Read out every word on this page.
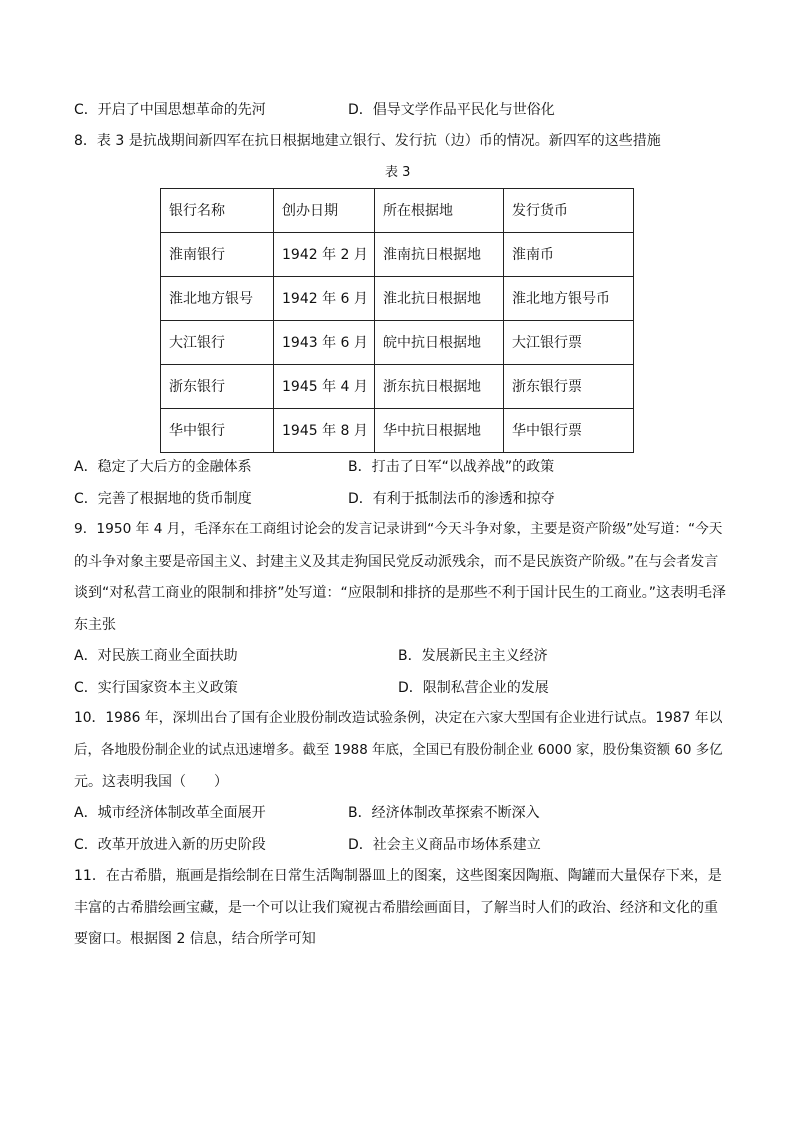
C．开启了中国思想革命的先河	D．倡导文学作品平民化与世俗化
8．表 3 是抗战期间新四军在抗日根据地建立银行、发行抗（边）币的情况。新四军的这些措施
表 3
银行名称	创办日期	所在根据地	发行货币
淮南银行	1942 年 2 月	淮南抗日根据地	淮南币
淮北地方银号	1942 年 6 月	淮北抗日根据地	淮北地方银号币
大江银行	1943 年 6 月	皖中抗日根据地	大江银行票
浙东银行	1945 年 4 月	浙东抗日根据地	浙东银行票
华中银行	1945 年 8 月	华中抗日根据地	华中银行票
A．稳定了大后方的金融体系	B．打击了日军“以战养战”的政策
C．完善了根据地的货币制度	D．有利于抵制法币的渗透和掠夺
9．1950 年 4 月，毛泽东在工商组讨论会的发言记录讲到“今天斗争对象，主要是资产阶级”处写道：“今天
的斗争对象主要是帝国主义、封建主义及其走狗国民党反动派残余，而不是民族资产阶级。”在与会者发言
谈到“对私营工商业的限制和排挤”处写道：“应限制和排挤的是那些不利于国计民生的工商业。”这表明毛泽
东主张
A．对民族工商业全面扶助	B．发展新民主主义经济
C．实行国家资本主义政策	D．限制私营企业的发展
10．1986 年，深圳出台了国有企业股份制改造试验条例，决定在六家大型国有企业进行试点。1987 年以
后，各地股份制企业的试点迅速增多。截至 1988 年底，全国已有股份制企业 6000 家，股份集资额 60 多亿
元。这表明我国（　　）
A．城市经济体制改革全面展开	B．经济体制改革探索不断深入
C．改革开放进入新的历史阶段	D．社会主义商品市场体系建立
11．在古希腊，瓶画是指绘制在日常生活陶制器皿上的图案，这些图案因陶瓶、陶罐而大量保存下来，是
丰富的古希腊绘画宝藏，是一个可以让我们窥视古希腊绘画面目，了解当时人们的政治、经济和文化的重
要窗口。根据图 2 信息，结合所学可知
